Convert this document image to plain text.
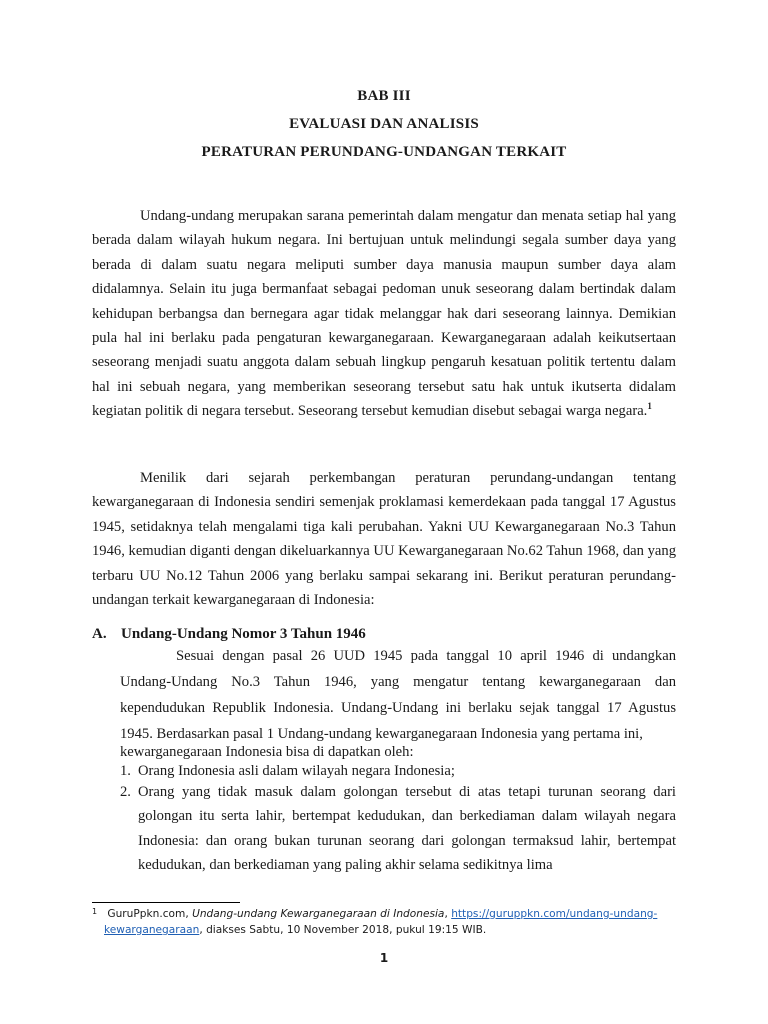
BAB III
EVALUASI DAN ANALISIS
PERATURAN PERUNDANG-UNDANGAN TERKAIT

Undang-undang merupakan sarana pemerintah dalam mengatur dan menata setiap hal yang berada dalam wilayah hukum negara. Ini bertujuan untuk melindungi segala sumber daya yang berada di dalam suatu negara meliputi sumber daya manusia maupun sumber daya alam didalamnya. Selain itu juga bermanfaat sebagai pedoman unuk seseorang dalam bertindak dalam kehidupan berbangsa dan bernegara agar tidak melanggar hak dari seseorang lainnya. Demikian pula hal ini berlaku pada pengaturan kewarganegaraan. Kewarganegaraan adalah keikutsertaan seseorang menjadi suatu anggota dalam sebuah lingkup pengaruh kesatuan politik tertentu dalam hal ini sebuah negara, yang memberikan seseorang tersebut satu hak untuk ikutserta didalam kegiatan politik di negara tersebut. Seseorang tersebut kemudian disebut sebagai warga negara.$^1$

Menilik dari sejarah perkembangan peraturan perundang-undangan tentang kewarganegaraan di Indonesia sendiri semenjak proklamasi kemerdekaan pada tanggal 17 Agustus 1945, setidaknya telah mengalami tiga kali perubahan. Yakni UU Kewarganegaraan No.3 Tahun 1946, kemudian diganti dengan dikeluarkannya UU Kewarganegaraan No.62 Tahun 1968, dan yang terbaru UU No.12 Tahun 2006 yang berlaku sampai sekarang ini. Berikut peraturan perundang-undangan terkait kewarganegaraan di Indonesia:

A. Undang-Undang Nomor 3 Tahun 1946

Sesuai dengan pasal 26 UUD 1945 pada tanggal 10 april 1946 di undangkan Undang-Undang No.3 Tahun 1946, yang mengatur tentang kewarganegaraan dan kependudukan Republik Indonesia. Undang-Undang ini berlaku sejak tanggal 17 Agustus 1945. Berdasarkan pasal 1 Undang-undang kewarganegaraan Indonesia yang pertama ini,

kewarganegaraan Indonesia bisa di dapatkan oleh:

1. Orang Indonesia asli dalam wilayah negara Indonesia;
2. Orang yang tidak masuk dalam golongan tersebut di atas tetapi turunan seorang dari golongan itu serta lahir, bertempat kedudukan, dan berkediaman dalam wilayah negara Indonesia: dan orang bukan turunan seorang dari golongan termaksud lahir, bertempat kedudukan, dan berkediaman yang paling akhir selama sedikitnya lima
1 GuruPpkn.com, Undang-undang Kewarganegaraan di Indonesia, https://guruppkn.com/undang-undang-
kewarganegaraan, diakses Sabtu, 10 November 2018, pukul 19:15 WIB.
1
